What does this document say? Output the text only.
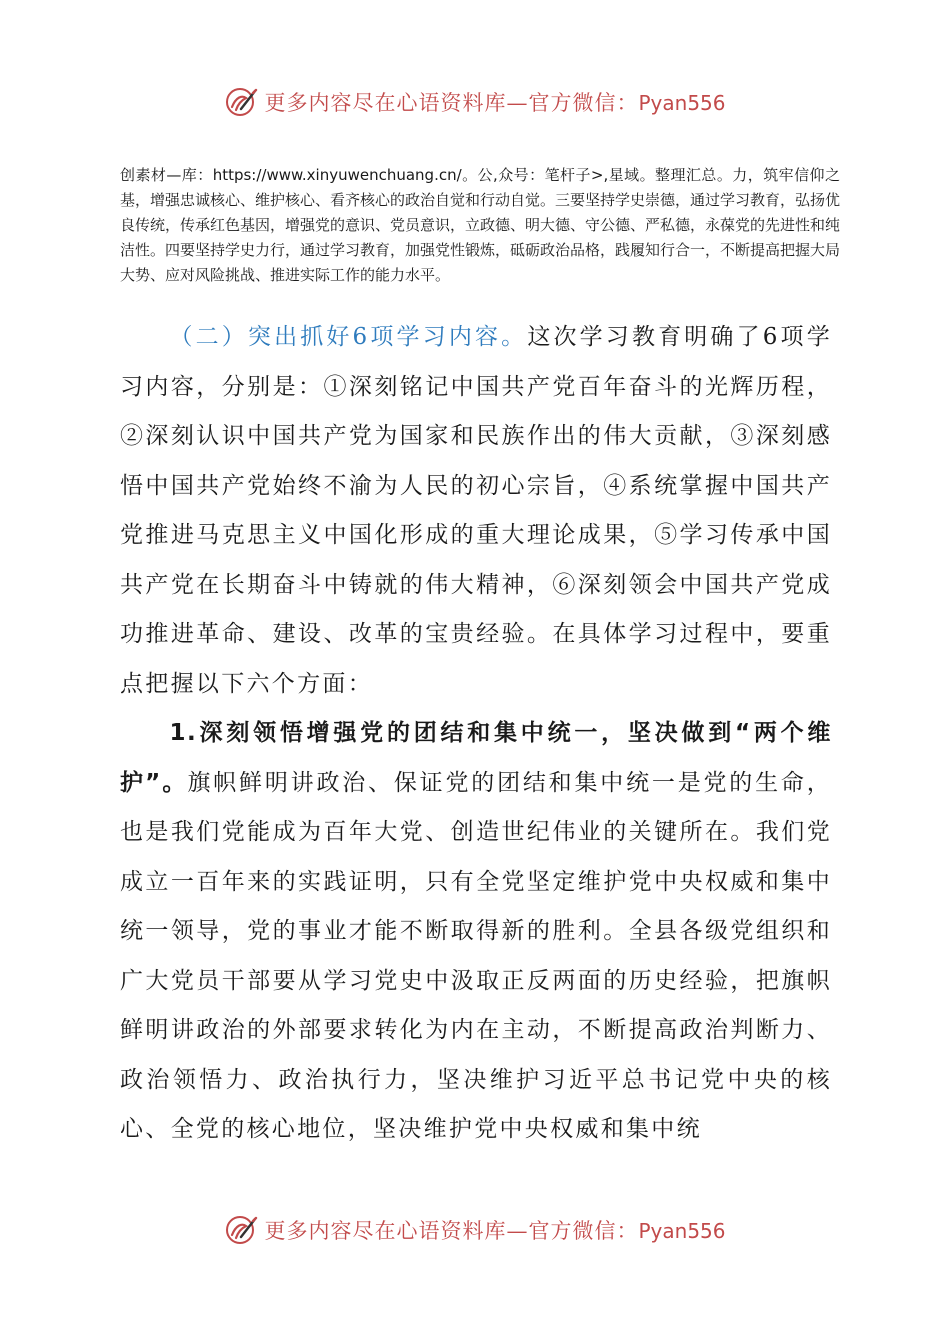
更多内容尽在心语资料库—官方微信：Pyan556

创素材—库：https://www.xinyuwenchuang.cn/。公,众号：笔杆子>,星域。整理汇总。力，筑牢信仰之基，增强忠诚核心、维护核心、看齐核心的政治自觉和行动自觉。三要坚持学史崇德，通过学习教育，弘扬优良传统，传承红色基因，增强党的意识、党员意识，立政德、明大德、守公德、严私德，永葆党的先进性和纯洁性。四要坚持学史力行，通过学习教育，加强党性锻炼，砥砺政治品格，践履知行合一，不断提高把握大局大势、应对风险挑战、推进实际工作的能力水平。

（二）突出抓好6项学习内容。这次学习教育明确了6项学习内容，分别是：①深刻铭记中国共产党百年奋斗的光辉历程，②深刻认识中国共产党为国家和民族作出的伟大贡献，③深刻感悟中国共产党始终不渝为人民的初心宗旨，④系统掌握中国共产党推进马克思主义中国化形成的重大理论成果，⑤学习传承中国共产党在长期奋斗中铸就的伟大精神，⑥深刻领会中国共产党成功推进革命、建设、改革的宝贵经验。在具体学习过程中，要重点把握以下六个方面：

1.深刻领悟增强党的团结和集中统一，坚决做到“两个维护”。旗帜鲜明讲政治、保证党的团结和集中统一是党的生命，也是我们党能成为百年大党、创造世纪伟业的关键所在。我们党成立一百年来的实践证明，只有全党坚定维护党中央权威和集中统一领导，党的事业才能不断取得新的胜利。全县各级党组织和广大党员干部要从学习党史中汲取正反两面的历史经验，把旗帜鲜明讲政治的外部要求转化为内在主动，不断提高政治判断力、政治领悟力、政治执行力，坚决维护习近平总书记党中央的核心、全党的核心地位，坚决维护党中央权威和集中统

更多内容尽在心语资料库—官方微信：Pyan556
